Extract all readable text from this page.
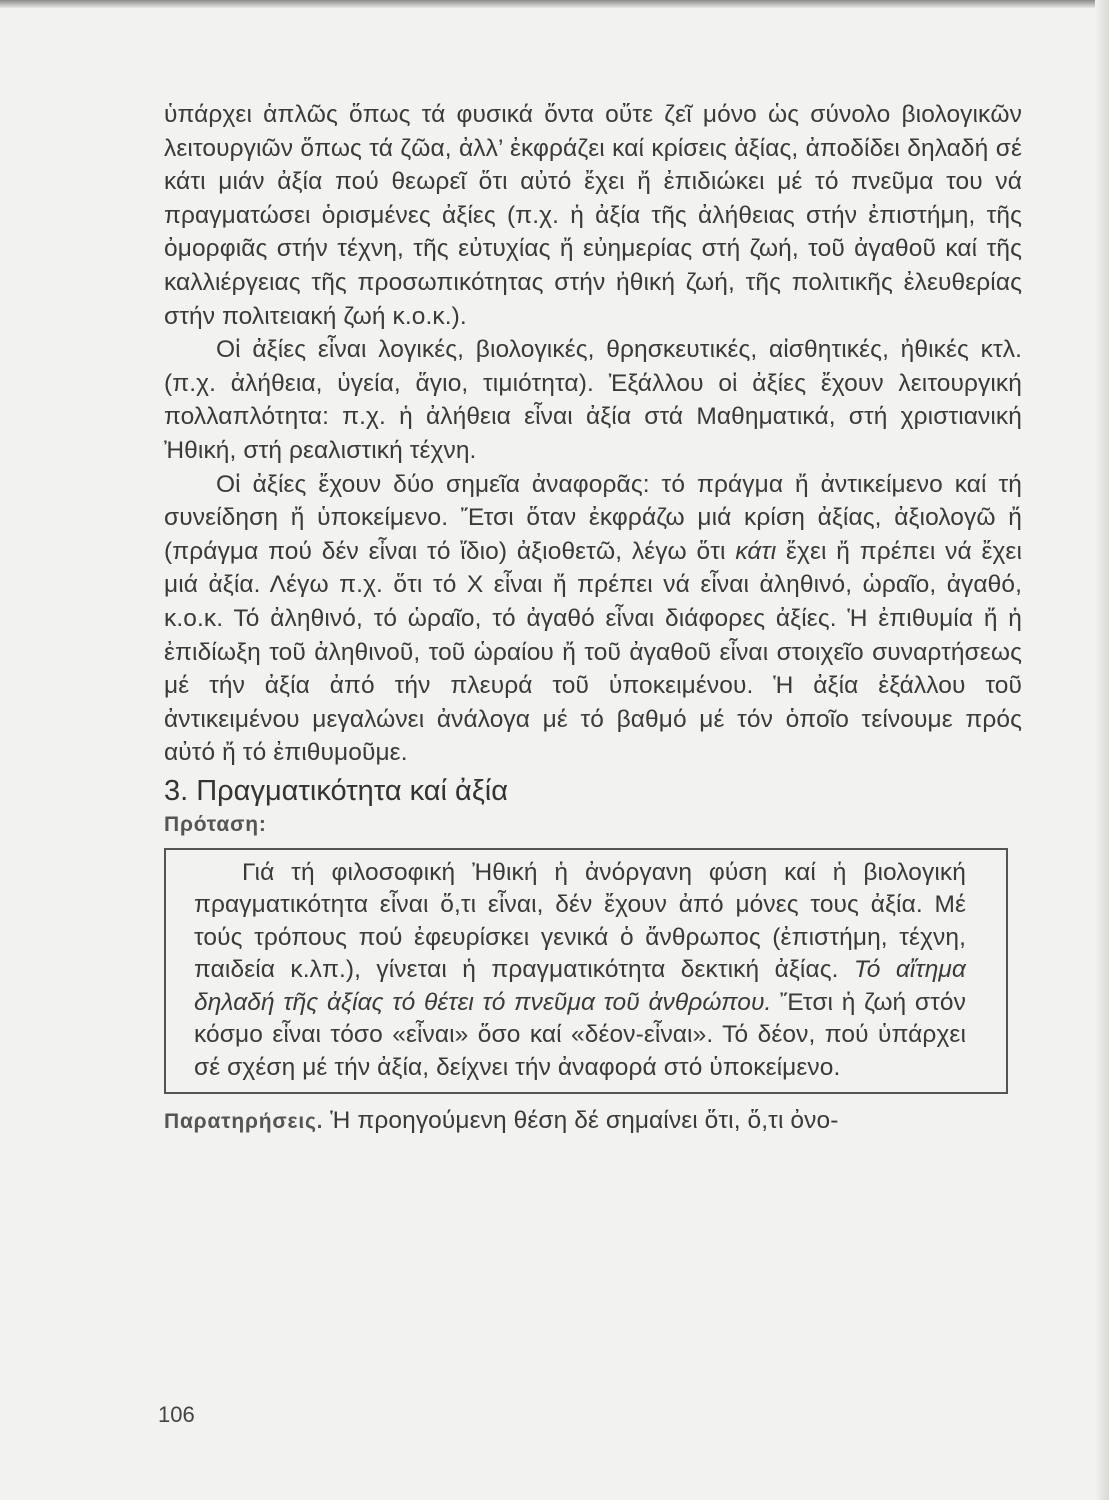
ὑπάρχει ἁπλῶς ὅπως τά φυσικά ὄντα οὔτε ζεῖ μόνο ὡς σύνολο βιολογικῶν λειτουργιῶν ὅπως τά ζῶα, ἀλλ’ ἐκφράζει καί κρίσεις ἀξίας, ἀποδίδει δηλαδή σέ κάτι μιάν ἀξία πού θεωρεῖ ὅτι αὐτό ἔχει ἤ ἐπιδιώκει μέ τό πνεῦμα του νά πραγματώσει ὁρισμένες ἀξίες (π.χ. ἡ ἀξία τῆς ἀλήθειας στήν ἐπιστήμη, τῆς ὀμορφιᾶς στήν τέχνη, τῆς εὐτυχίας ἤ εὐημερίας στή ζωή, τοῦ ἀγαθοῦ καί τῆς καλλιέργειας τῆς προσωπικότητας στήν ἠθική ζωή, τῆς πολιτικῆς ἐλευθερίας στήν πολιτειακή ζωή κ.ο.κ.).

Οἱ ἀξίες εἶναι λογικές, βιολογικές, θρησκευτικές, αἰσθητικές, ἠθικές κτλ. (π.χ. ἀλήθεια, ὑγεία, ἅγιο, τιμιότητα). Ἐξάλλου οἱ ἀξίες ἔχουν λειτουργική πολλαπλότητα: π.χ. ἡ ἀλήθεια εἶναι ἀξία στά Μαθηματικά, στή χριστιανική Ἠθική, στή ρεαλιστική τέχνη.

Οἱ ἀξίες ἔχουν δύο σημεῖα ἀναφορᾶς: τό πράγμα ἤ ἀντικείμενο καί τή συνείδηση ἤ ὑποκείμενο. Ἔτσι ὅταν ἐκφράζω μιά κρίση ἀξίας, ἀξιολογῶ ἤ (πράγμα πού δέν εἶναι τό ἴδιο) ἀξιοθετῶ, λέγω ὅτι κάτι ἔχει ἤ πρέπει νά ἔχει μιά ἀξία. Λέγω π.χ. ὅτι τό Χ εἶναι ἤ πρέπει νά εἶναι ἀληθινό, ὡραῖο, ἀγαθό, κ.ο.κ. Τό ἀληθινό, τό ὡραῖο, τό ἀγαθό εἶναι διάφορες ἀξίες. Ἡ ἐπιθυμία ἤ ἡ ἐπιδίωξη τοῦ ἀληθινοῦ, τοῦ ὡραίου ἤ τοῦ ἀγαθοῦ εἶναι στοιχεῖο συναρτήσεως μέ τήν ἀξία ἀπό τήν πλευρά τοῦ ὑποκειμένου. Ἡ ἀξία ἐξάλλου τοῦ ἀντικειμένου μεγαλώνει ἀνάλογα μέ τό βαθμό μέ τόν ὁποῖο τείνουμε πρός αὐτό ἤ τό ἐπιθυμοῦμε.

3. Πραγματικότητα καί ἀξία

Πρόταση:

Γιά τή φιλοσοφική Ἠθική ἡ ἀνόργανη φύση καί ἡ βιολογική πραγματικότητα εἶναι ὅ,τι εἶναι, δέν ἔχουν ἀπό μόνες τους ἀξία. Μέ τούς τρόπους πού ἐφευρίσκει γενικά ὁ ἄνθρωπος (ἐπιστήμη, τέχνη, παιδεία κ.λπ.), γίνεται ἡ πραγματικότητα δεκτική ἀξίας. Τό αἴτημα δηλαδή τῆς ἀξίας τό θέτει τό πνεῦμα τοῦ ἀνθρώπου. Ἔτσι ἡ ζωή στόν κόσμο εἶναι τόσο «εἶναι» ὅσο καί «δέον-εἶναι». Τό δέον, πού ὑπάρχει σέ σχέση μέ τήν ἀξία, δείχνει τήν ἀναφορά στό ὑποκείμενο.

Παρατηρήσεις. Ἡ προηγούμενη θέση δέ σημαίνει ὅτι, ὅ,τι ὀνο-

106
